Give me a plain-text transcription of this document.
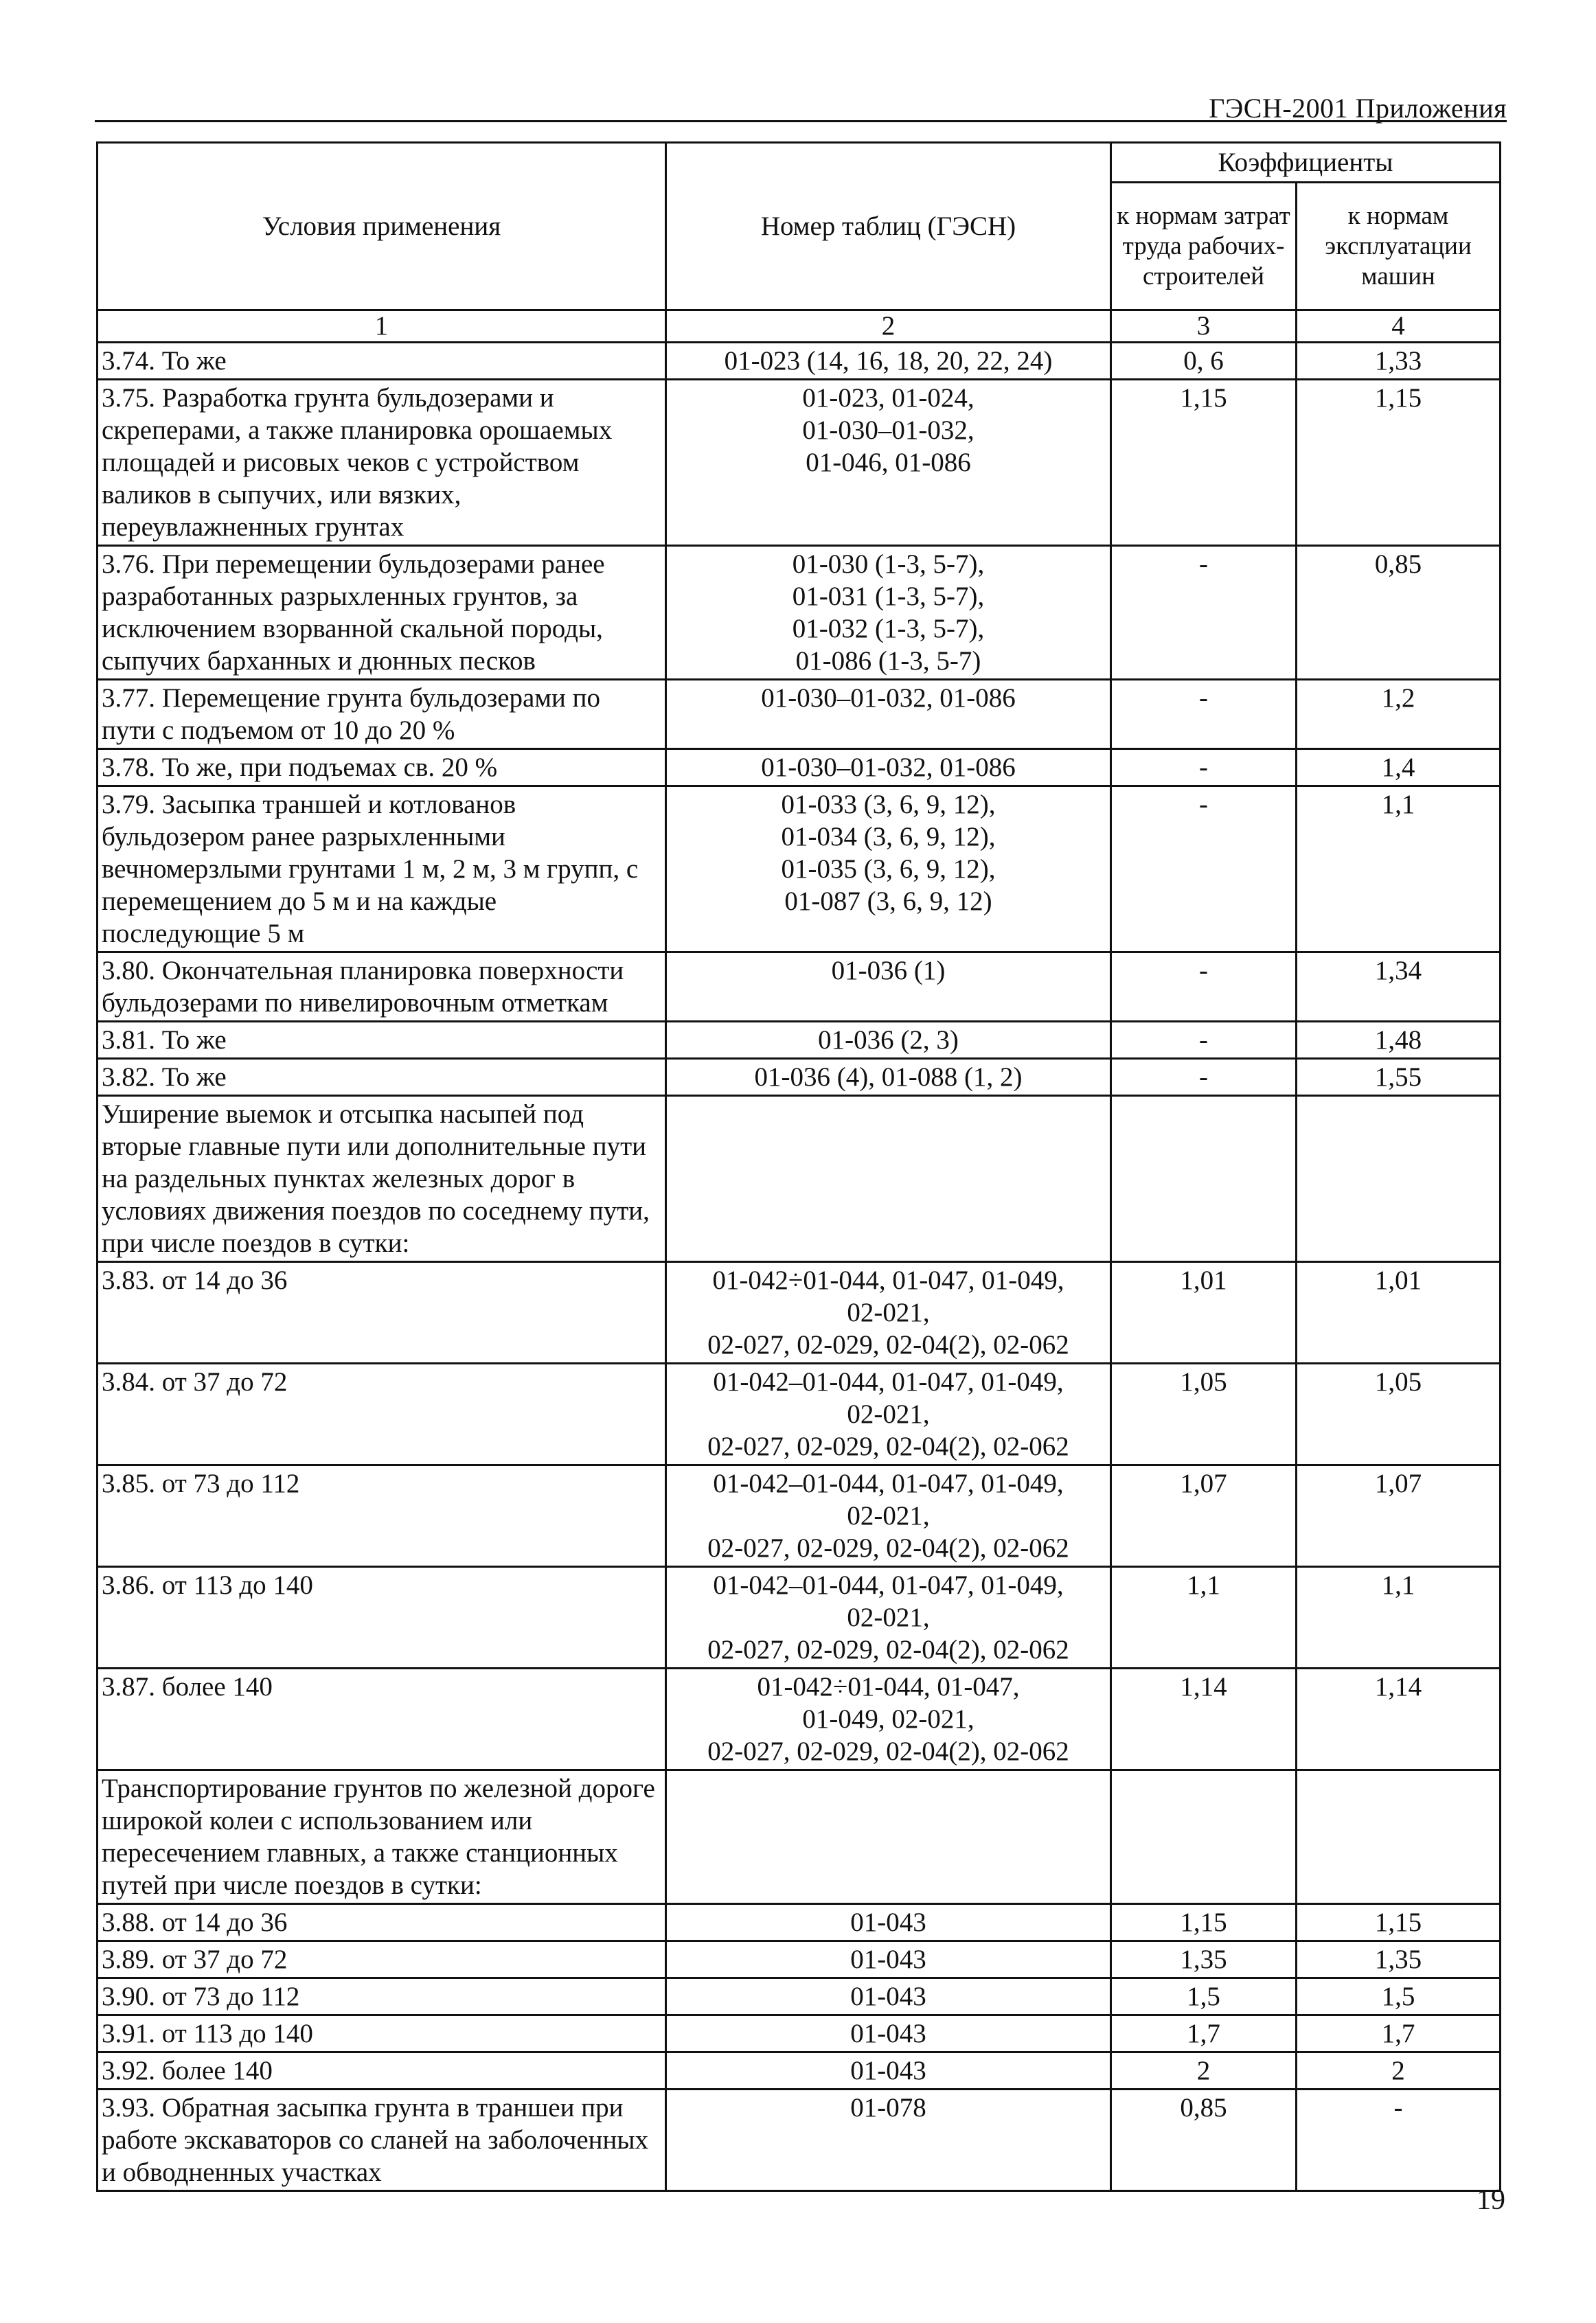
ГЭСН-2001 Приложения
Условия применения	Номер таблиц (ГЭСН)	Коэффициенты	
		к нормам затрат труда рабочих-строителей	к нормам эксплуатации машин
1	2	3	4
3.74. То же	01-023 (14, 16, 18, 20, 22, 24)	0, 6	1,33
3.75. Разработка грунта бульдозерами и скреперами, а также планировка орошаемых площадей и рисовых чеков с устройством валиков в сыпучих, или вязких, переувлажненных грунтах	01-023, 01-024,
01-030–01-032,
01-046, 01-086	1,15	1,15
3.76. При перемещении бульдозерами ранее разработанных разрыхленных грунтов, за исключением взорванной скальной породы, сыпучих барханных и дюнных песков	01-030 (1-3, 5-7),
01-031 (1-3, 5-7),
01-032 (1-3, 5-7),
01-086 (1-3, 5-7)	-	0,85
3.77. Перемещение грунта бульдозерами по пути с подъемом от 10 до 20 %	01-030–01-032, 01-086	-	1,2
3.78. То же, при подъемах св. 20 %	01-030–01-032, 01-086	-	1,4
3.79. Засыпка траншей и котлованов бульдозером ранее разрыхленными вечномерзлыми грунтами 1 м, 2 м, 3 м групп, с перемещением до 5 м и на каждые последующие 5 м	01-033 (3, 6, 9, 12),
01-034 (3, 6, 9, 12),
01-035 (3, 6, 9, 12),
01-087 (3, 6, 9, 12)	-	1,1
3.80. Окончательная планировка поверхности бульдозерами по нивелировочным отметкам	01-036 (1)	-	1,34
3.81. То же	01-036 (2, 3)	-	1,48
3.82. То же	01-036 (4), 01-088 (1, 2)	-	1,55
Уширение выемок и отсыпка насыпей под вторые главные пути или дополнительные пути на раздельных пунктах железных дорог в условиях движения поездов по соседнему пути, при числе поездов в сутки:			
3.83. от 14 до 36	01-042÷01-044, 01-047, 01-049,
02-021,
02-027, 02-029, 02-04(2), 02-062	1,01	1,01
3.84. от 37 до 72	01-042–01-044, 01-047, 01-049,
02-021,
02-027, 02-029, 02-04(2), 02-062	1,05	1,05
3.85. от 73 до 112	01-042–01-044, 01-047, 01-049,
02-021,
02-027, 02-029, 02-04(2), 02-062	1,07	1,07
3.86. от 113 до 140	01-042–01-044, 01-047, 01-049,
02-021,
02-027, 02-029, 02-04(2), 02-062	1,1	1,1
3.87. более 140	01-042÷01-044, 01-047,
01-049, 02-021,
02-027, 02-029, 02-04(2), 02-062	1,14	1,14
Транспортирование грунтов по железной дороге широкой колеи с использованием или пересечением главных, а также станционных путей при числе поездов в сутки:			
3.88. от 14 до 36	01-043	1,15	1,15
3.89. от 37 до 72	01-043	1,35	1,35
3.90. от 73 до 112	01-043	1,5	1,5
3.91. от 113 до 140	01-043	1,7	1,7
3.92. более 140	01-043	2	2
3.93. Обратная засыпка грунта в траншеи при работе экскаваторов со сланей на заболоченных и обводненных участках	01-078	0,85	-
19
